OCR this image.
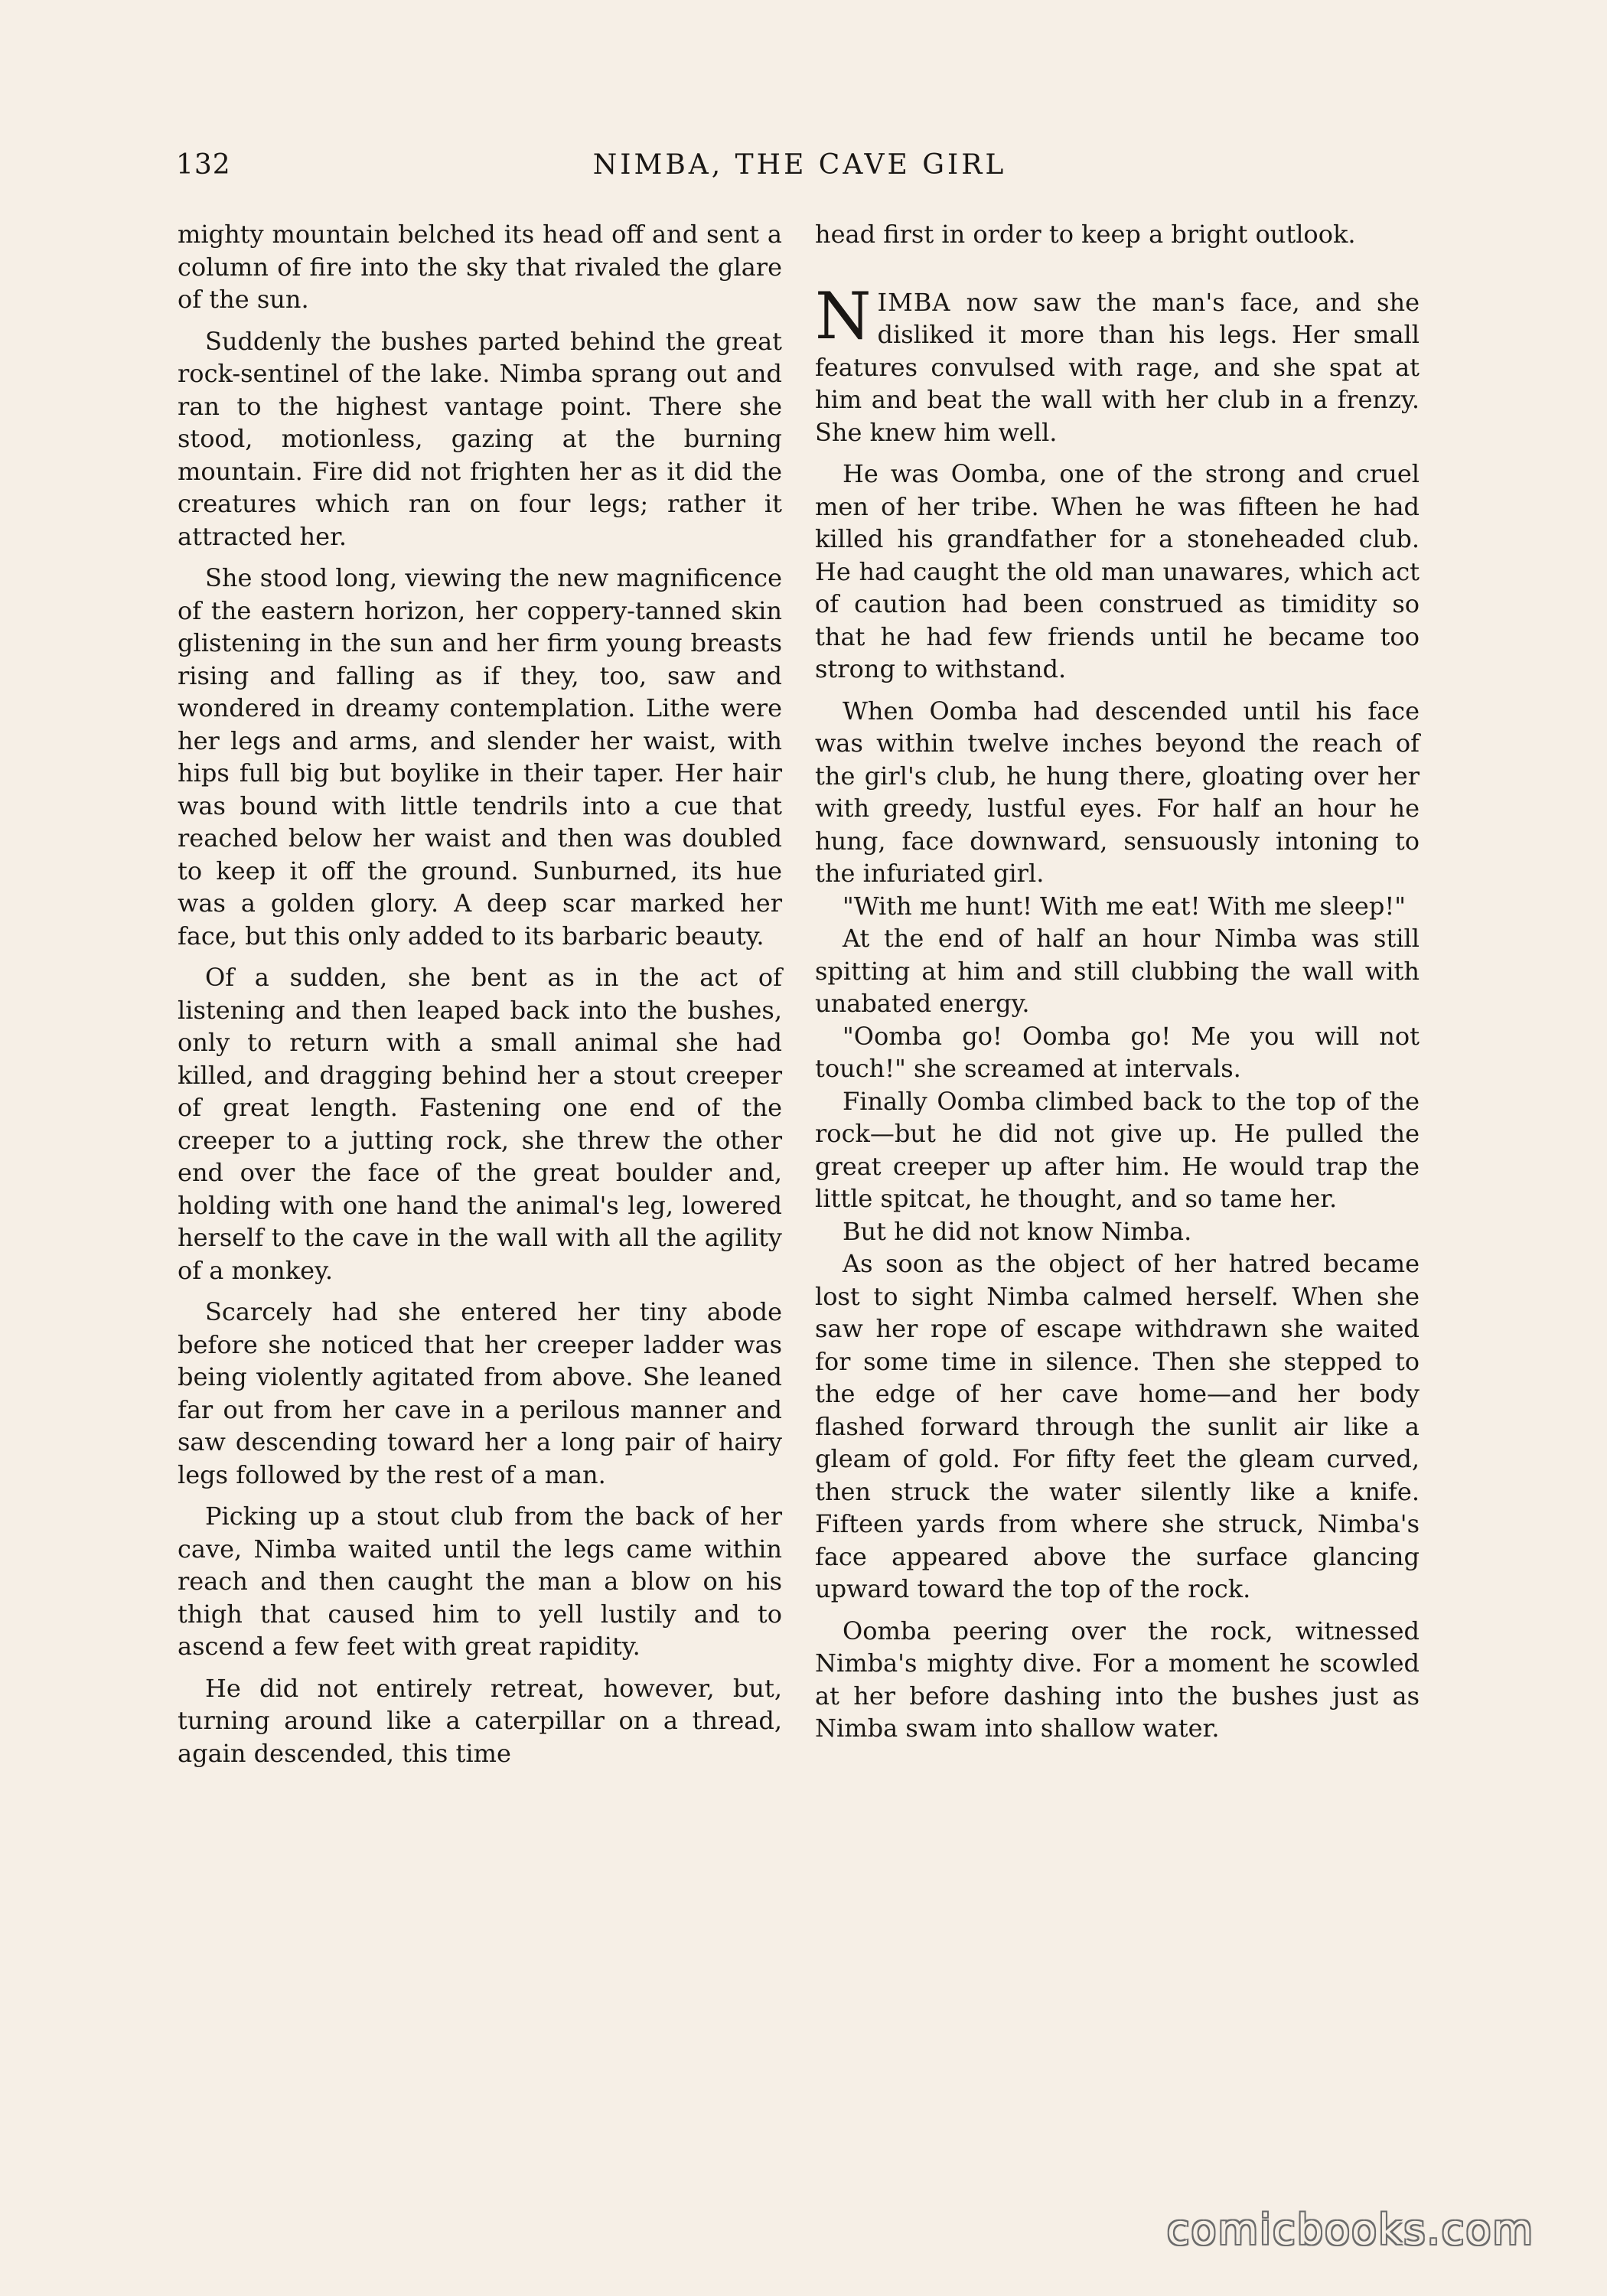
132	NIMBA, THE CAVE GIRL

mighty mountain belched its head off and sent a column of fire into the sky that rivaled the glare of the sun.

Suddenly the bushes parted behind the great rock-sentinel of the lake. Nimba sprang out and ran to the highest vantage point. There she stood, motionless, gazing at the burning mountain. Fire did not frighten her as it did the creatures which ran on four legs; rather it attracted her.

She stood long, viewing the new magnificence of the eastern horizon, her coppery-tanned skin glistening in the sun and her firm young breasts rising and falling as if they, too, saw and wondered in dreamy contemplation. Lithe were her legs and arms, and slender her waist, with hips full big but boylike in their taper. Her hair was bound with little tendrils into a cue that reached below her waist and then was doubled to keep it off the ground. Sunburned, its hue was a golden glory. A deep scar marked her face, but this only added to its barbaric beauty.

Of a sudden, she bent as in the act of listening and then leaped back into the bushes, only to return with a small animal she had killed, and dragging behind her a stout creeper of great length. Fastening one end of the creeper to a jutting rock, she threw the other end over the face of the great boulder and, holding with one hand the animal's leg, lowered herself to the cave in the wall with all the agility of a monkey.

Scarcely had she entered her tiny abode before she noticed that her creeper ladder was being violently agitated from above. She leaned far out from her cave in a perilous manner and saw descending toward her a long pair of hairy legs followed by the rest of a man.

Picking up a stout club from the back of her cave, Nimba waited until the legs came within reach and then caught the man a blow on his thigh that caused him to yell lustily and to ascend a few feet with great rapidity.

He did not entirely retreat, however, but, turning around like a caterpillar on a thread, again descended, this time

head first in order to keep a bright outlook.

NIMBA now saw the man's face, and she disliked it more than his legs. Her small features convulsed with rage, and she spat at him and beat the wall with her club in a frenzy. She knew him well.

He was Oomba, one of the strong and cruel men of her tribe. When he was fifteen he had killed his grandfather for a stoneheaded club. He had caught the old man unawares, which act of caution had been construed as timidity so that he had few friends until he became too strong to withstand.

When Oomba had descended until his face was within twelve inches beyond the reach of the girl's club, he hung there, gloating over her with greedy, lustful eyes. For half an hour he hung, face downward, sensuously intoning to the infuriated girl.

"With me hunt! With me eat! With me sleep!"

At the end of half an hour Nimba was still spitting at him and still clubbing the wall with unabated energy.

"Oomba go! Oomba go! Me you will not touch!" she screamed at intervals.

Finally Oomba climbed back to the top of the rock—but he did not give up. He pulled the great creeper up after him. He would trap the little spitcat, he thought, and so tame her.

But he did not know Nimba.

As soon as the object of her hatred became lost to sight Nimba calmed herself. When she saw her rope of escape withdrawn she waited for some time in silence. Then she stepped to the edge of her cave home—and her body flashed forward through the sunlit air like a gleam of gold. For fifty feet the gleam curved, then struck the water silently like a knife. Fifteen yards from where she struck, Nimba's face appeared above the surface glancing upward toward the top of the rock.

Oomba peering over the rock, witnessed Nimba's mighty dive. For a moment he scowled at her before dashing into the bushes just as Nimba swam into shallow water.

comicbooks.com
